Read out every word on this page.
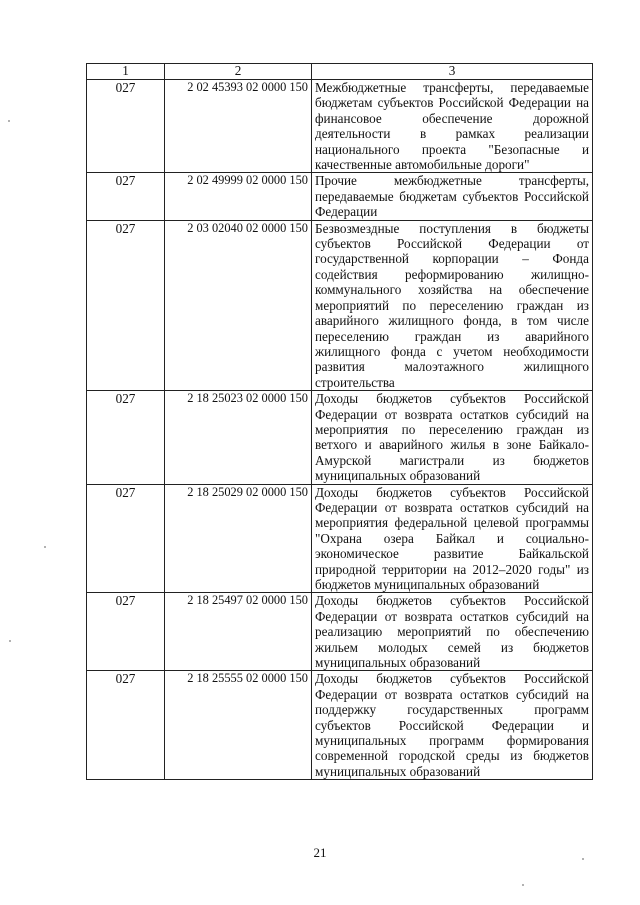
1	2	3
027	2 02 45393 02 0000 150	Межбюджетные трансферты, передаваемые бюджетам субъектов Российской Федерации на финансовое обеспечение дорожной деятельности в рамках реализации национального проекта "Безопасные и качественные автомобильные дороги"
027	2 02 49999 02 0000 150	Прочие межбюджетные трансферты, передаваемые бюджетам субъектов Российской Федерации
027	2 03 02040 02 0000 150	Безвозмездные поступления в бюджеты субъектов Российской Федерации от государственной корпорации – Фонда содействия реформированию жилищно-коммунального хозяйства на обеспечение мероприятий по переселению граждан из аварийного жилищного фонда, в том числе переселению граждан из аварийного жилищного фонда с учетом необходимости развития малоэтажного жилищного строительства
027	2 18 25023 02 0000 150	Доходы бюджетов субъектов Российской Федерации от возврата остатков субсидий на мероприятия по переселению граждан из ветхого и аварийного жилья в зоне Байкало-Амурской магистрали из бюджетов муниципальных образований
027	2 18 25029 02 0000 150	Доходы бюджетов субъектов Российской Федерации от возврата остатков субсидий на мероприятия федеральной целевой программы "Охрана озера Байкал и социально-экономическое развитие Байкальской природной территории на 2012–2020 годы" из бюджетов муниципальных образований
027	2 18 25497 02 0000 150	Доходы бюджетов субъектов Российской Федерации от возврата остатков субсидий на реализацию мероприятий по обеспечению жильем молодых семей из бюджетов муниципальных образований
027	2 18 25555 02 0000 150	Доходы бюджетов субъектов Российской Федерации от возврата остатков субсидий на поддержку государственных программ субъектов Российской Федерации и муниципальных программ формирования современной городской среды из бюджетов муниципальных образований
21
